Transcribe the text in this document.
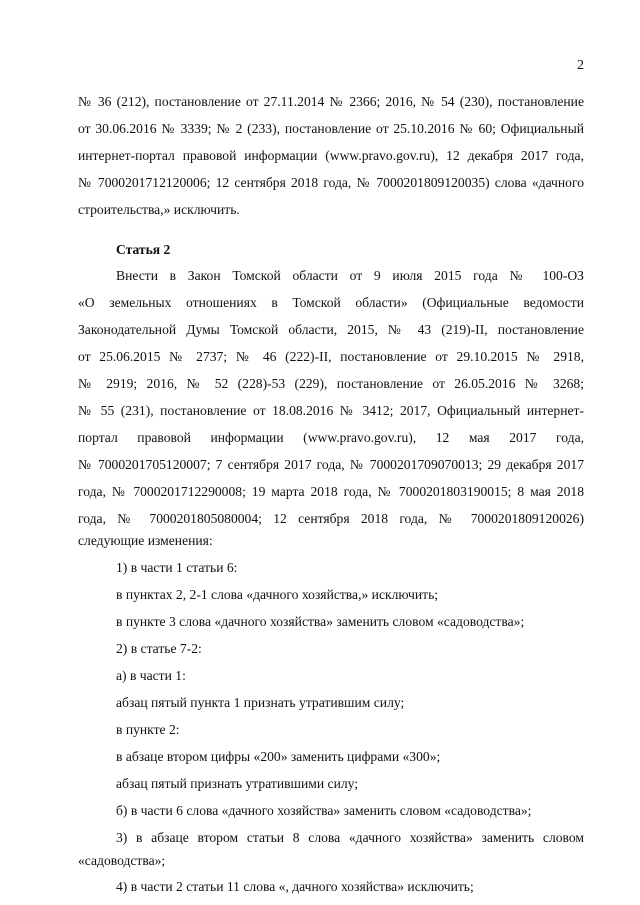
2
№ 36 (212), постановление от 27.11.2014 № 2366; 2016, № 54 (230), постановление
от 30.06.2016 № 3339; № 2 (233), постановление от 25.10.2016 № 60; Официальный
интернет-портал правовой информации (www.pravo.gov.ru), 12 декабря 2017 года,
№ 7000201712120006; 12 сентября 2018 года, № 7000201809120035) слова «дачного
строительства,» исключить.
Статья 2
Внести в Закон Томской области от 9 июля 2015 года № 100-ОЗ
«О земельных отношениях в Томской области» (Официальные ведомости
Законодательной Думы Томской области, 2015, № 43 (219)-II, постановление
от 25.06.2015 № 2737; № 46 (222)-II, постановление от 29.10.2015 № 2918,
№ 2919; 2016, № 52 (228)-53 (229), постановление от 26.05.2016 № 3268;
№ 55 (231), постановление от 18.08.2016 № 3412; 2017, Официальный интернет-
портал правовой информации (www.pravo.gov.ru), 12 мая 2017 года,
№ 7000201705120007; 7 сентября 2017 года, № 7000201709070013; 29 декабря 2017
года, № 7000201712290008; 19 марта 2018 года, № 7000201803190015; 8 мая 2018
года, № 7000201805080004; 12 сентября 2018 года, № 7000201809120026)
следующие изменения:
1) в части 1 статьи 6:
в пунктах 2, 2-1 слова «дачного хозяйства,» исключить;
в пункте 3 слова «дачного хозяйства» заменить словом «садоводства»;
2) в статье 7-2:
а) в части 1:
абзац пятый пункта 1 признать утратившим силу;
в пункте 2:
в абзаце втором цифры «200» заменить цифрами «300»;
абзац пятый признать утратившими силу;
б) в части 6 слова «дачного хозяйства» заменить словом «садоводства»;
3) в абзаце втором статьи 8 слова «дачного хозяйства» заменить словом
«садоводства»;
4) в части 2 статьи 11 слова «, дачного хозяйства» исключить;
